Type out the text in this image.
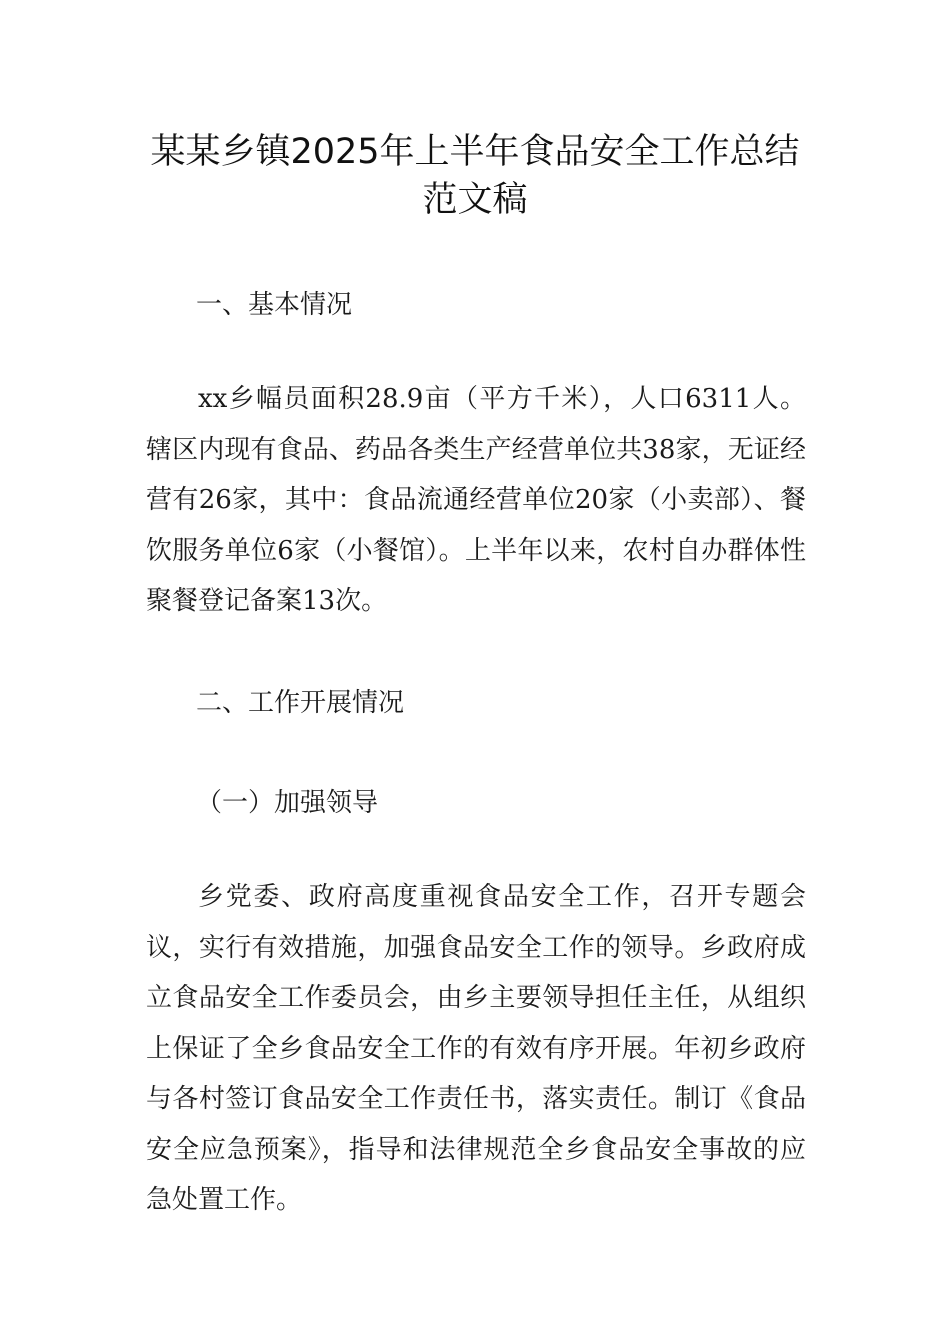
某某乡镇2025年上半年食品安全工作总结
范文稿
一、基本情况

xx乡幅员面积28.9亩（平方千米），人口6311人。辖区内现有食品、药品各类生产经营单位共38家，无证经营有26家，其中：食品流通经营单位20家（小卖部）、餐饮服务单位6家（小餐馆）。上半年以来，农村自办群体性聚餐登记备案13次。

二、工作开展情况
（一）加强领导

乡党委、政府高度重视食品安全工作，召开专题会议，实行有效措施，加强食品安全工作的领导。乡政府成立食品安全工作委员会，由乡主要领导担任主任，从组织上保证了全乡食品安全工作的有效有序开展。年初乡政府与各村签订食品安全工作责任书，落实责任。制订《食品安全应急预案》，指导和法律规范全乡食品安全事故的应急处置工作。
